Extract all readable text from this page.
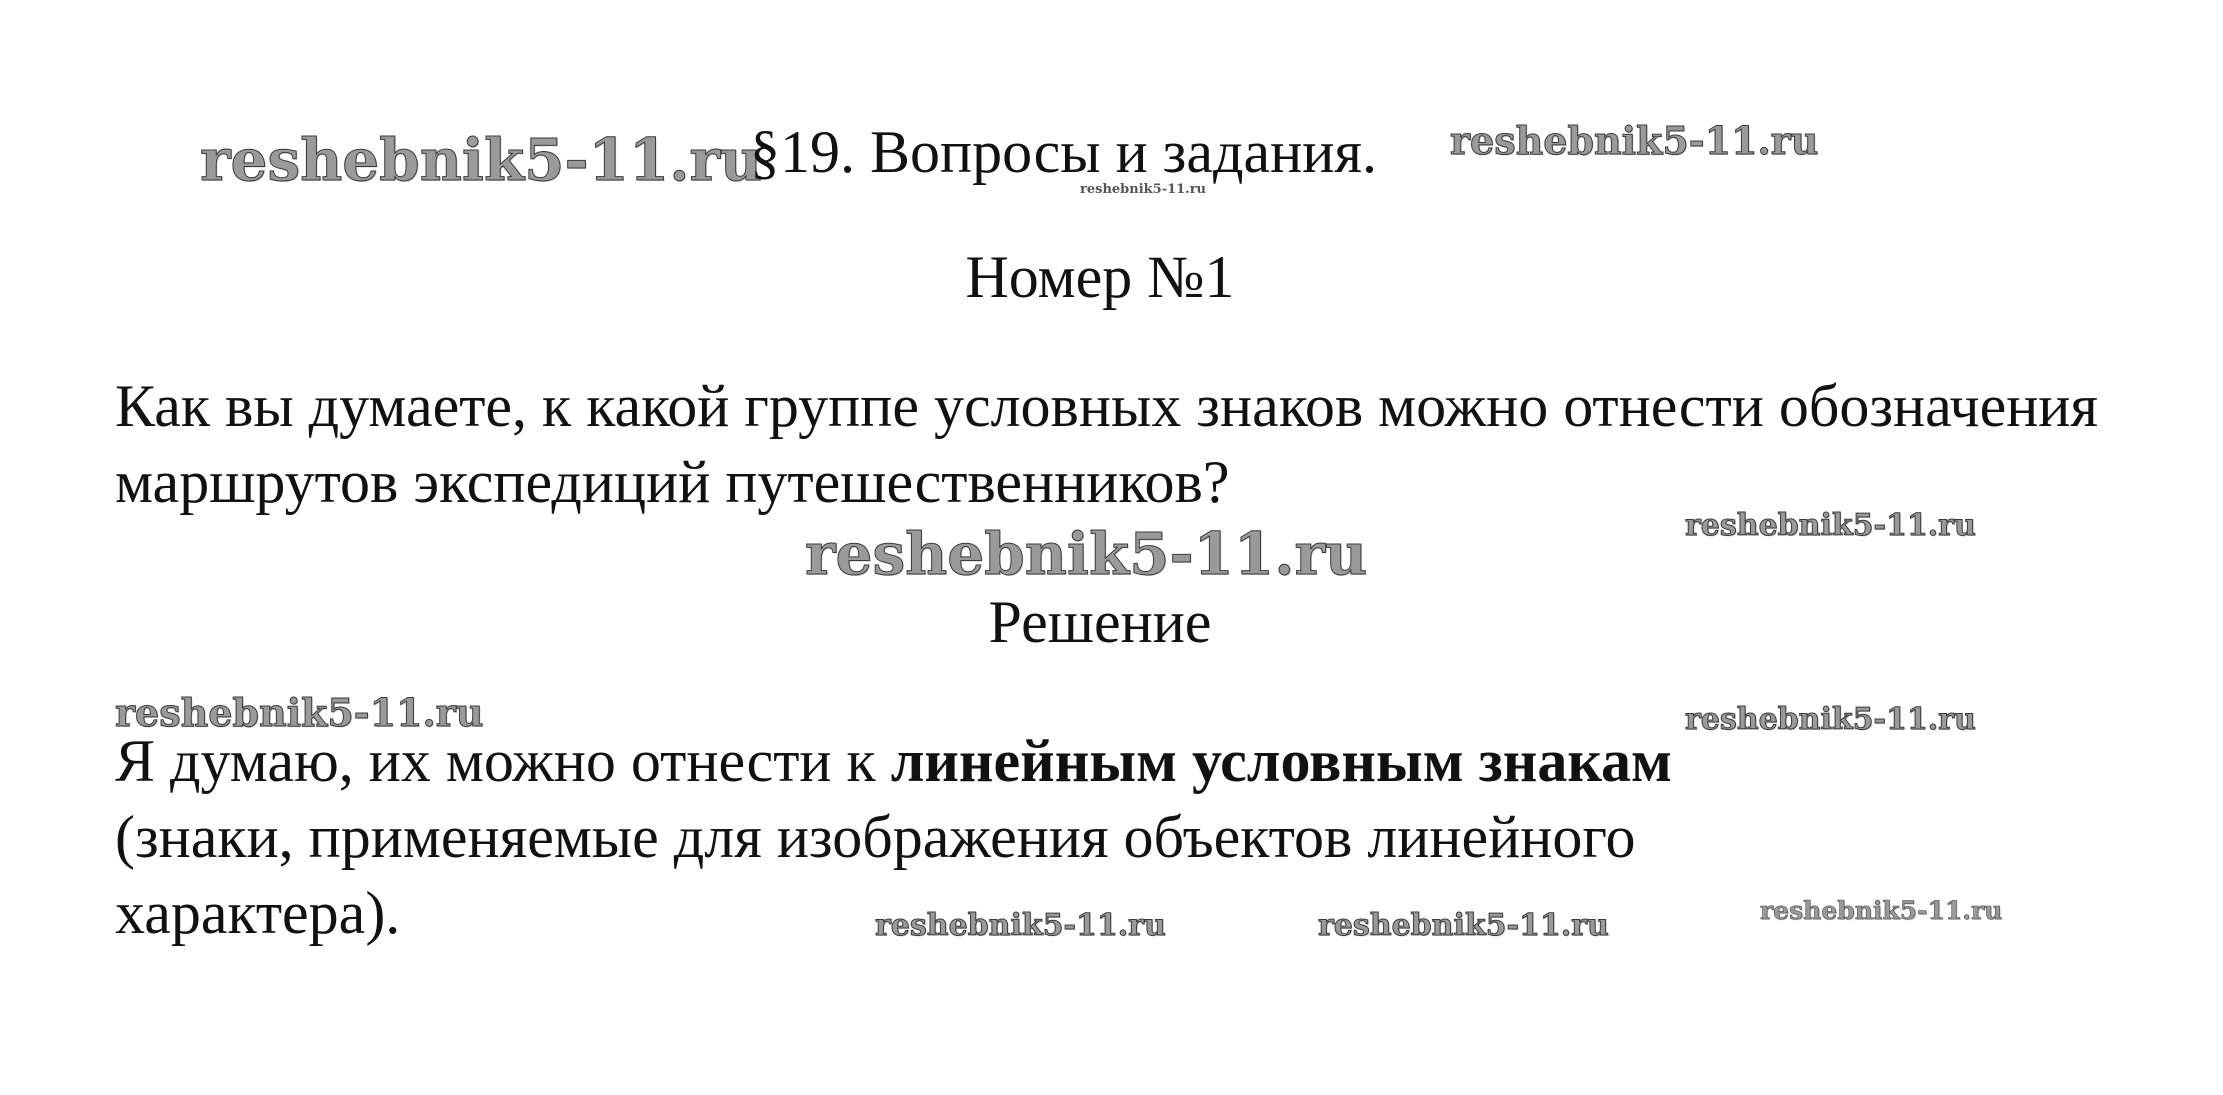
reshebnik5-11.ru	reshebnik5-11.ru
reshebnik5-11.ru
reshebnik5-11.ru	reshebnik5-11.ru
reshebnik5-11.ru	reshebnik5-11.ru
reshebnik5-11.ru	reshebnik5-11.ru	reshebnik5-11.ru
§19. Вопросы и задания.
Номер №1
Как вы думаете, к какой группе условных знаков можно отнести обозначения маршрутов экспедиций путешественников?
Решение
Я думаю, их можно отнести к линейным условным знакам (знаки, применяемые для изображения объектов линейного характера).
